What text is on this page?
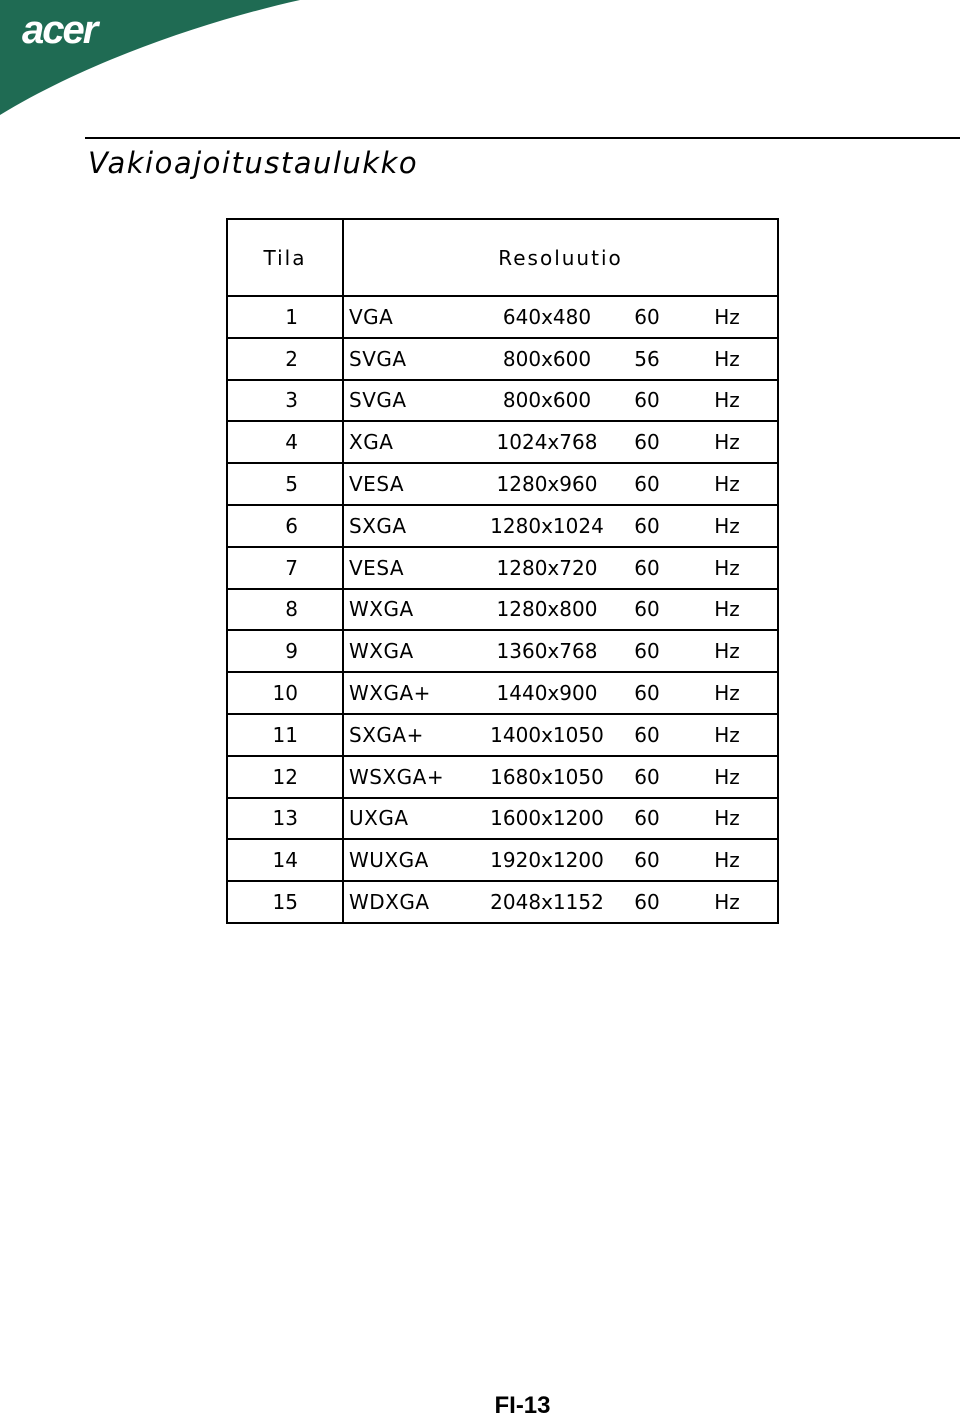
acer
Vakioajoitustaulukko
Tila	Resoluutio
1	VGA 640x480 60 Hz

2	SVGA 800x600 56 Hz

3	SVGA 800x600 60 Hz

4	XGA 1024x768 60 Hz

5	VESA 1280x960 60 Hz

6	SXGA 1280x1024 60 Hz

7	VESA 1280x720 60 Hz

8	WXGA 1280x800 60 Hz

9	WXGA 1360x768 60 Hz

10	WXGA+ 1440x900 60 Hz

11	SXGA+ 1400x1050 60 Hz

12	WSXGA+ 1680x1050 60 Hz

13	UXGA 1600x1200 60 Hz

14	WUXGA 1920x1200 60 Hz

15	WDXGA 2048x1152 60 Hz
FI-13
